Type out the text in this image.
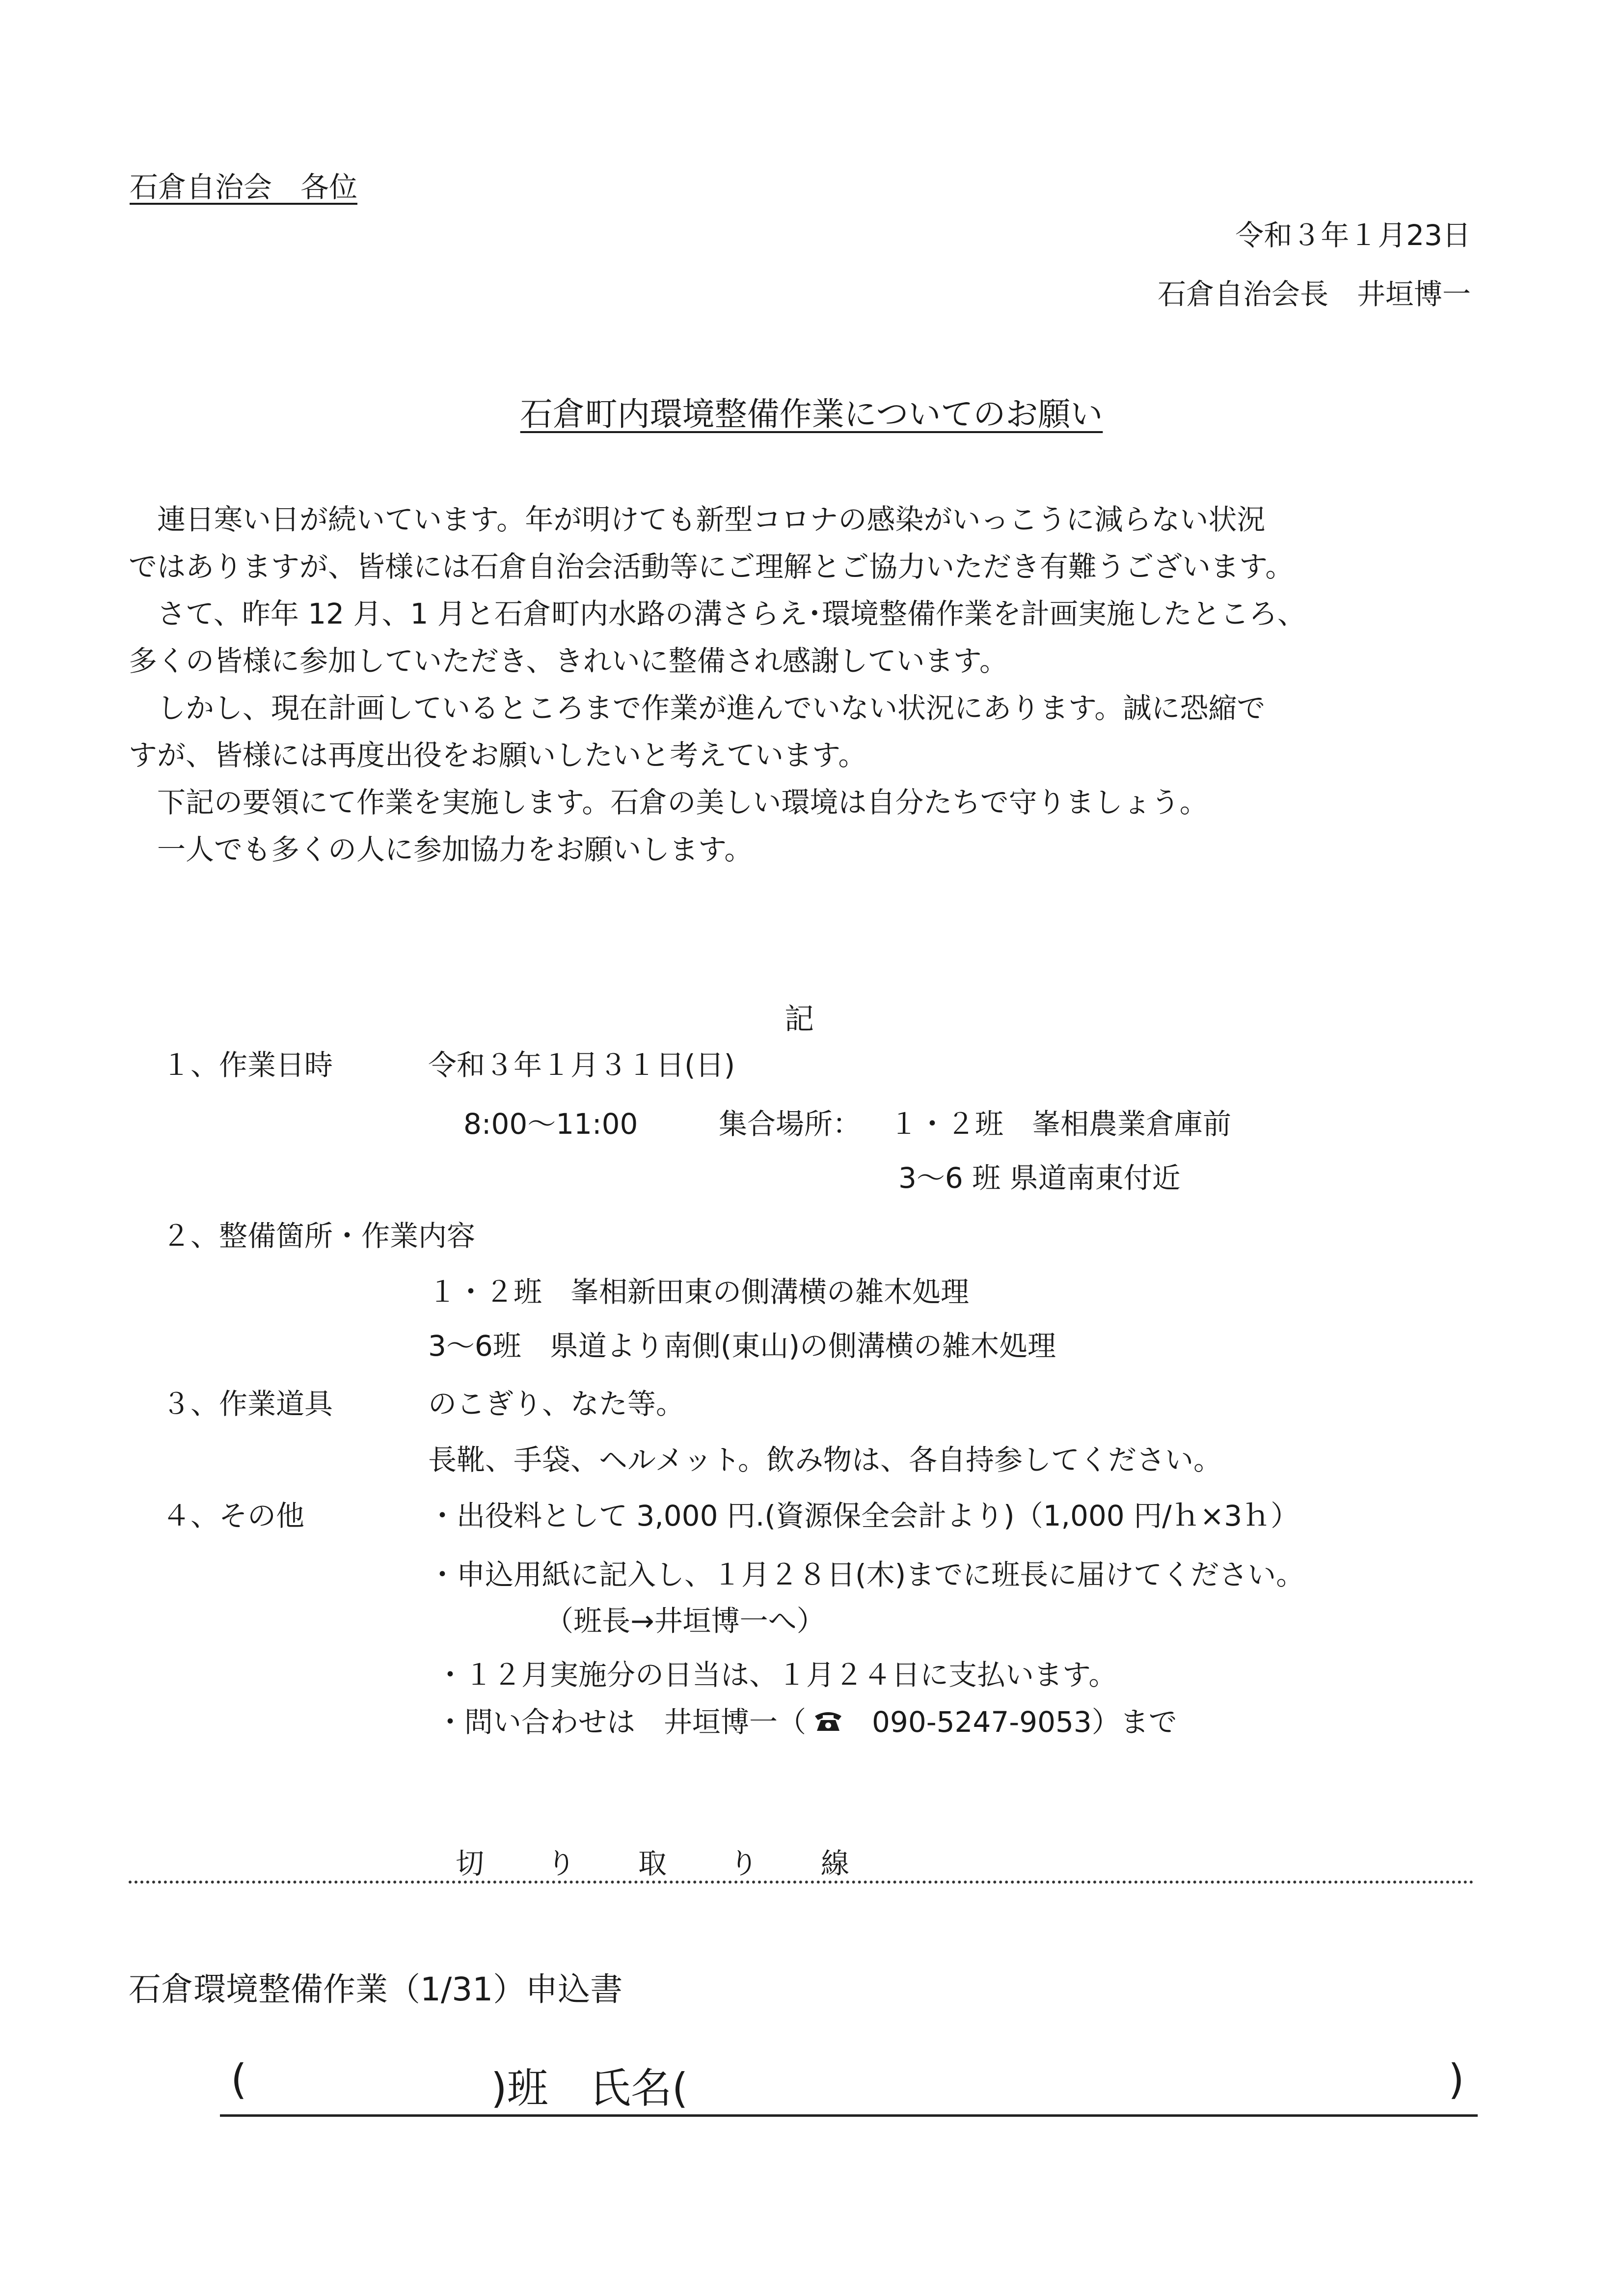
石倉自治会　各位
令和３年１月23日
石倉自治会長　井垣博一
石倉町内環境整備作業についてのお願い
　連日寒い日が続いています。年が明けても新型コロナの感染がいっこうに減らない状況
ではありますが、皆様には石倉自治会活動等にご理解とご協力いただき有難うございます。
　さて、昨年 12 月、1 月と石倉町内水路の溝さらえ･環境整備作業を計画実施したところ、
多くの皆様に参加していただき、きれいに整備され感謝しています。
　しかし、現在計画しているところまで作業が進んでいない状況にあります。誠に恐縮で
すが、皆様には再度出役をお願いしたいと考えています。
　下記の要領にて作業を実施します。石倉の美しい環境は自分たちで守りましょう。
　一人でも多くの人に参加協力をお願いします。
記
１、作業日時	令和３年１月３１日(日)
8:00～11:00	集合場所： １・２班　峯相農業倉庫前
3～6 班 県道南東付近
２、整備箇所・作業内容
１・２班　峯相新田東の側溝横の雑木処理
3～6班　県道より南側(東山)の側溝横の雑木処理
３、作業道具	のこぎり、なた等。
長靴、手袋、ヘルメット。飲み物は、各自持参してください。
４、その他	・出役料として 3,000 円.(資源保全会計より)（1,000 円/ｈ×3ｈ）
・申込用紙に記入し、１月２８日(木)までに班長に届けてください。
（班長→井垣博一へ）
・１２月実施分の日当は、１月２４日に支払います。
・問い合わせは　井垣博一（　090-5247-9053）まで
切り取り線
石倉環境整備作業（1/31）申込書
(	)班　氏名(	)
